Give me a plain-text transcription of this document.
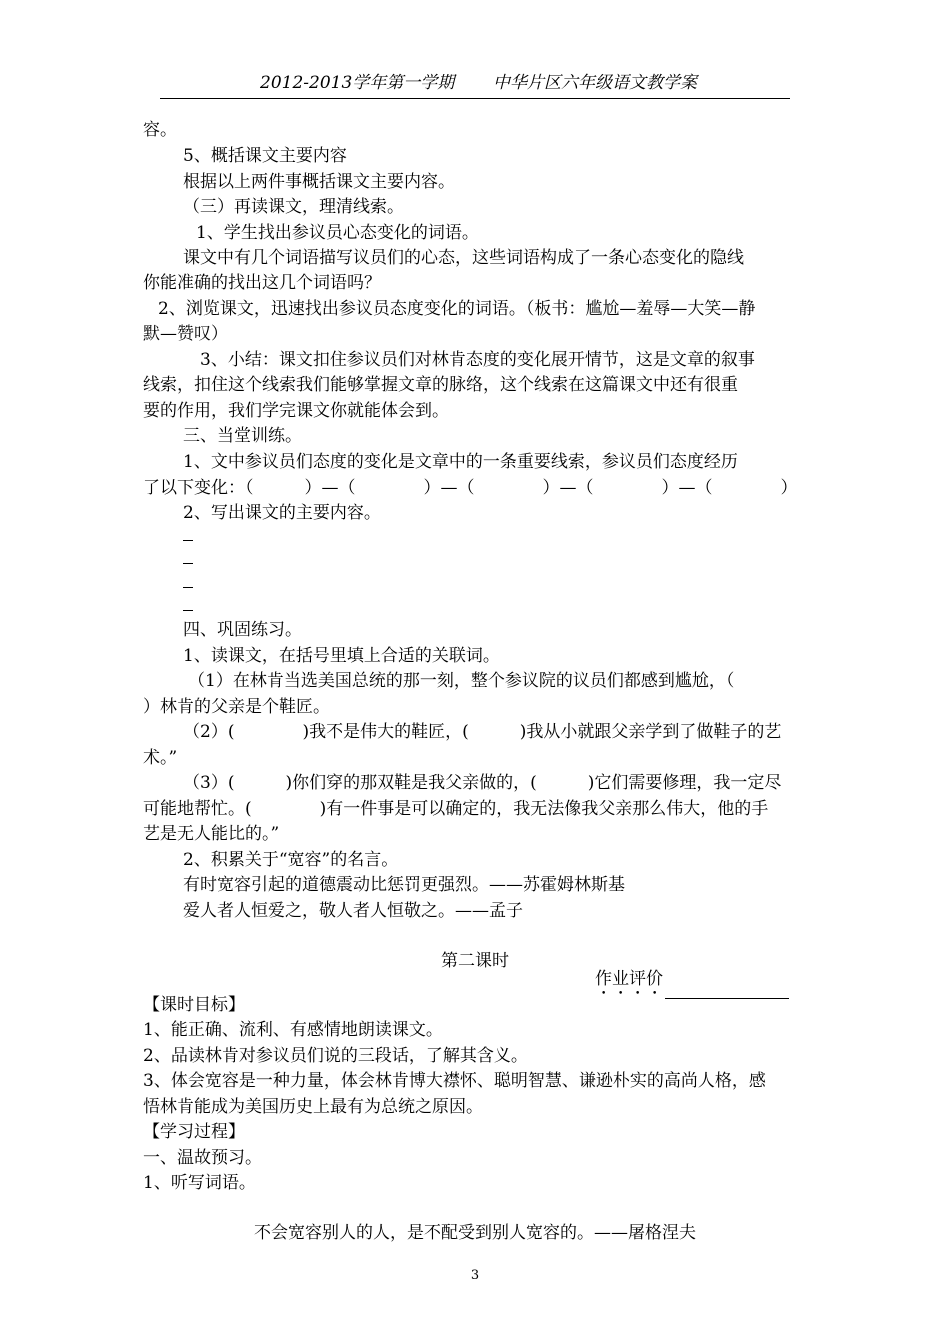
2012-2013学年第一学期 中华片区六年级语文教学案
容。
5、概括课文主要内容
根据以上两件事概括课文主要内容。
（三）再读课文，理清线索。
1、学生找出参议员心态变化的词语。
课文中有几个词语描写议员们的心态，这些词语构成了一条心态变化的隐线
你能准确的找出这几个词语吗？
2、浏览课文，迅速找出参议员态度变化的词语。（板书：尴尬—羞辱—大笑—静
默—赞叹）
3、小结：课文扣住参议员们对林肯态度的变化展开情节，这是文章的叙事
线索，扣住这个线索我们能够掌握文章的脉络，这个线索在这篇课文中还有很重
要的作用，我们学完课文你就能体会到。
三、当堂训练。
1、文中参议员们态度的变化是文章中的一条重要线索，参议员们态度经历
了以下变化：（　　　）—（　　　　）—（　　　　）—（　　　　）—（　　　　）
2、写出课文的主要内容。
四、巩固练习。
1、读课文，在括号里填上合适的关联词。
（1）在林肯当选美国总统的那一刻，整个参议院的议员们都感到尴尬，（
）林肯的父亲是个鞋匠。
（2）(　　　　)我不是伟大的鞋匠，(　　　)我从小就跟父亲学到了做鞋子的艺
术。”
（3）(　　　)你们穿的那双鞋是我父亲做的，(　　　)它们需要修理，我一定尽
可能地帮忙。(　　　　)有一件事是可以确定的，我无法像我父亲那么伟大，他的手
艺是无人能比的。”
2、积累关于“宽容”的名言。
有时宽容引起的道德震动比惩罚更强烈。——苏霍姆林斯基
爱人者人恒爱之，敬人者人恒敬之。——孟子
第二课时
作业评价
【课时目标】
1、能正确、流利、有感情地朗读课文。
2、品读林肯对参议员们说的三段话，了解其含义。
3、体会宽容是一种力量，体会林肯博大襟怀、聪明智慧、谦逊朴实的高尚人格，感
悟林肯能成为美国历史上最有为总统之原因。
【学习过程】
一、温故预习。
1、听写词语。
不会宽容别人的人，是不配受到别人宽容的。——屠格涅夫
3
